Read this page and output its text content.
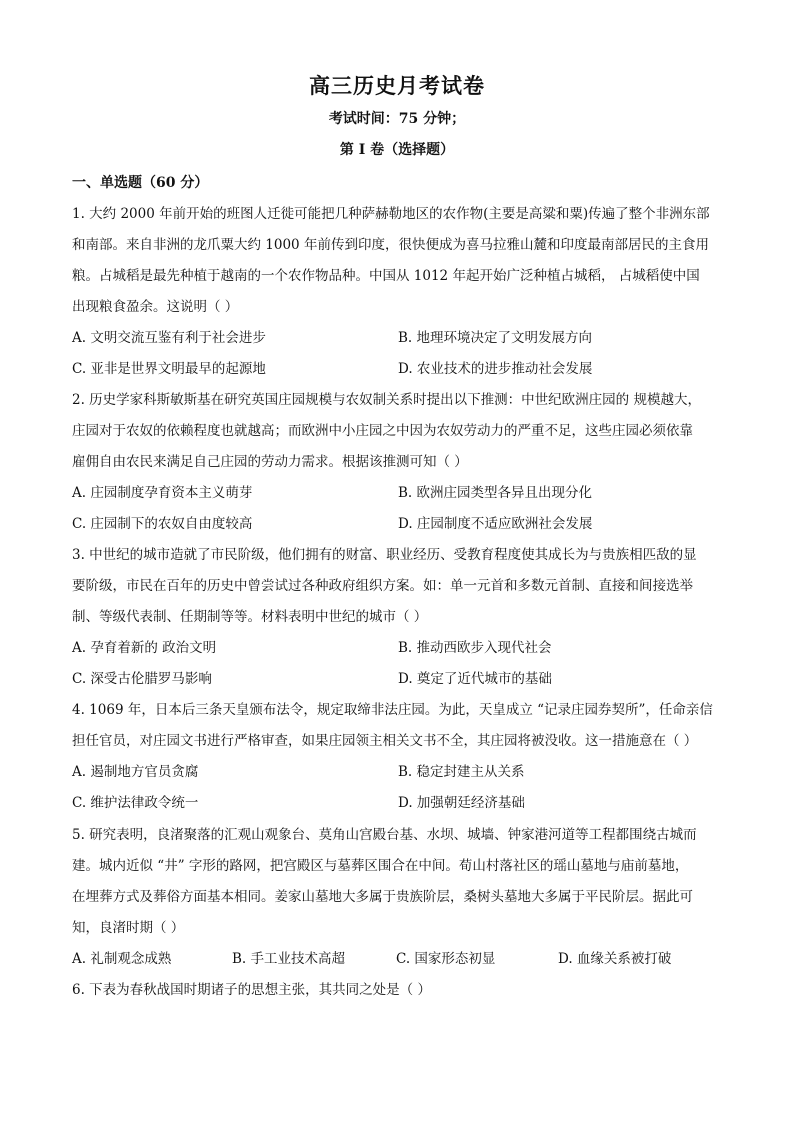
高三历史月考试卷
考试时间：75 分钟；
第 I 卷（选择题）
一、单选题（60 分）

1. 大约 2000 年前开始的班图人迁徙可能把几种萨赫勒地区的农作物(主要是高粱和粟)传遍了整个非洲东部

和南部。来自非洲的龙爪粟大约 1000 年前传到印度，很快便成为喜马拉雅山麓和印度最南部居民的主食用

粮。占城稻是最先种植于越南的一个农作物品种。中国从 1012 年起开始广泛种植占城稻， 占城稻使中国

出现粮食盈余。这说明（ ）

A. 文明交流互鉴有利于社会进步	B. 地理环境决定了文明发展方向
C. 亚非是世界文明最早的起源地	D. 农业技术的进步推动社会发展

2. 历史学家科斯敏斯基在研究英国庄园规模与农奴制关系时提出以下推测：中世纪欧洲庄园的 规模越大，

庄园对于农奴的依赖程度也就越高；而欧洲中小庄园之中因为农奴劳动力的严重不足，这些庄园必须依靠

雇佣自由农民来满足自己庄园的劳动力需求。根据该推测可知（ ）

A. 庄园制度孕育资本主义萌芽	B. 欧洲庄园类型各异且出现分化
C. 庄园制下的农奴自由度较高	D. 庄园制度不适应欧洲社会发展

3. 中世纪的城市造就了市民阶级，他们拥有的财富、职业经历、受教育程度使其成长为与贵族相匹敌的显

要阶级，市民在百年的历史中曾尝试过各种政府组织方案。如：单一元首和多数元首制、直接和间接选举

制、等级代表制、任期制等等。材料表明中世纪的城市（ ）

A. 孕育着新的 政治文明	B. 推动西欧步入现代社会
C. 深受古伦腊罗马影响	D. 奠定了近代城市的基础

4. 1069 年，日本后三条天皇颁布法令，规定取缔非法庄园。为此，天皇成立 “记录庄园券契所”，任命亲信

担任官员，对庄园文书进行严格审查，如果庄园领主相关文书不全，其庄园将被没收。这一措施意在（ ）

A. 遏制地方官员贪腐	B. 稳定封建主从关系
C. 维护法律政令统一	D. 加强朝廷经济基础

5. 研究表明，良渚聚落的汇观山观象台、莫角山宫殿台基、水坝、城墙、钟家港河道等工程都围绕古城而

建。城内近似 “井” 字形的路网，把宫殿区与墓葬区围合在中间。荀山村落社区的瑶山墓地与庙前墓地，

在埋葬方式及葬俗方面基本相同。姜家山墓地大多属于贵族阶层，桑树头墓地大多属于平民阶层。据此可

知，良渚时期（ ）

A. 礼制观念成熟	B. 手工业技术高超	C. 国家形态初显	D. 血缘关系被打破

6. 下表为春秋战国时期诸子的思想主张，其共同之处是（ ）
